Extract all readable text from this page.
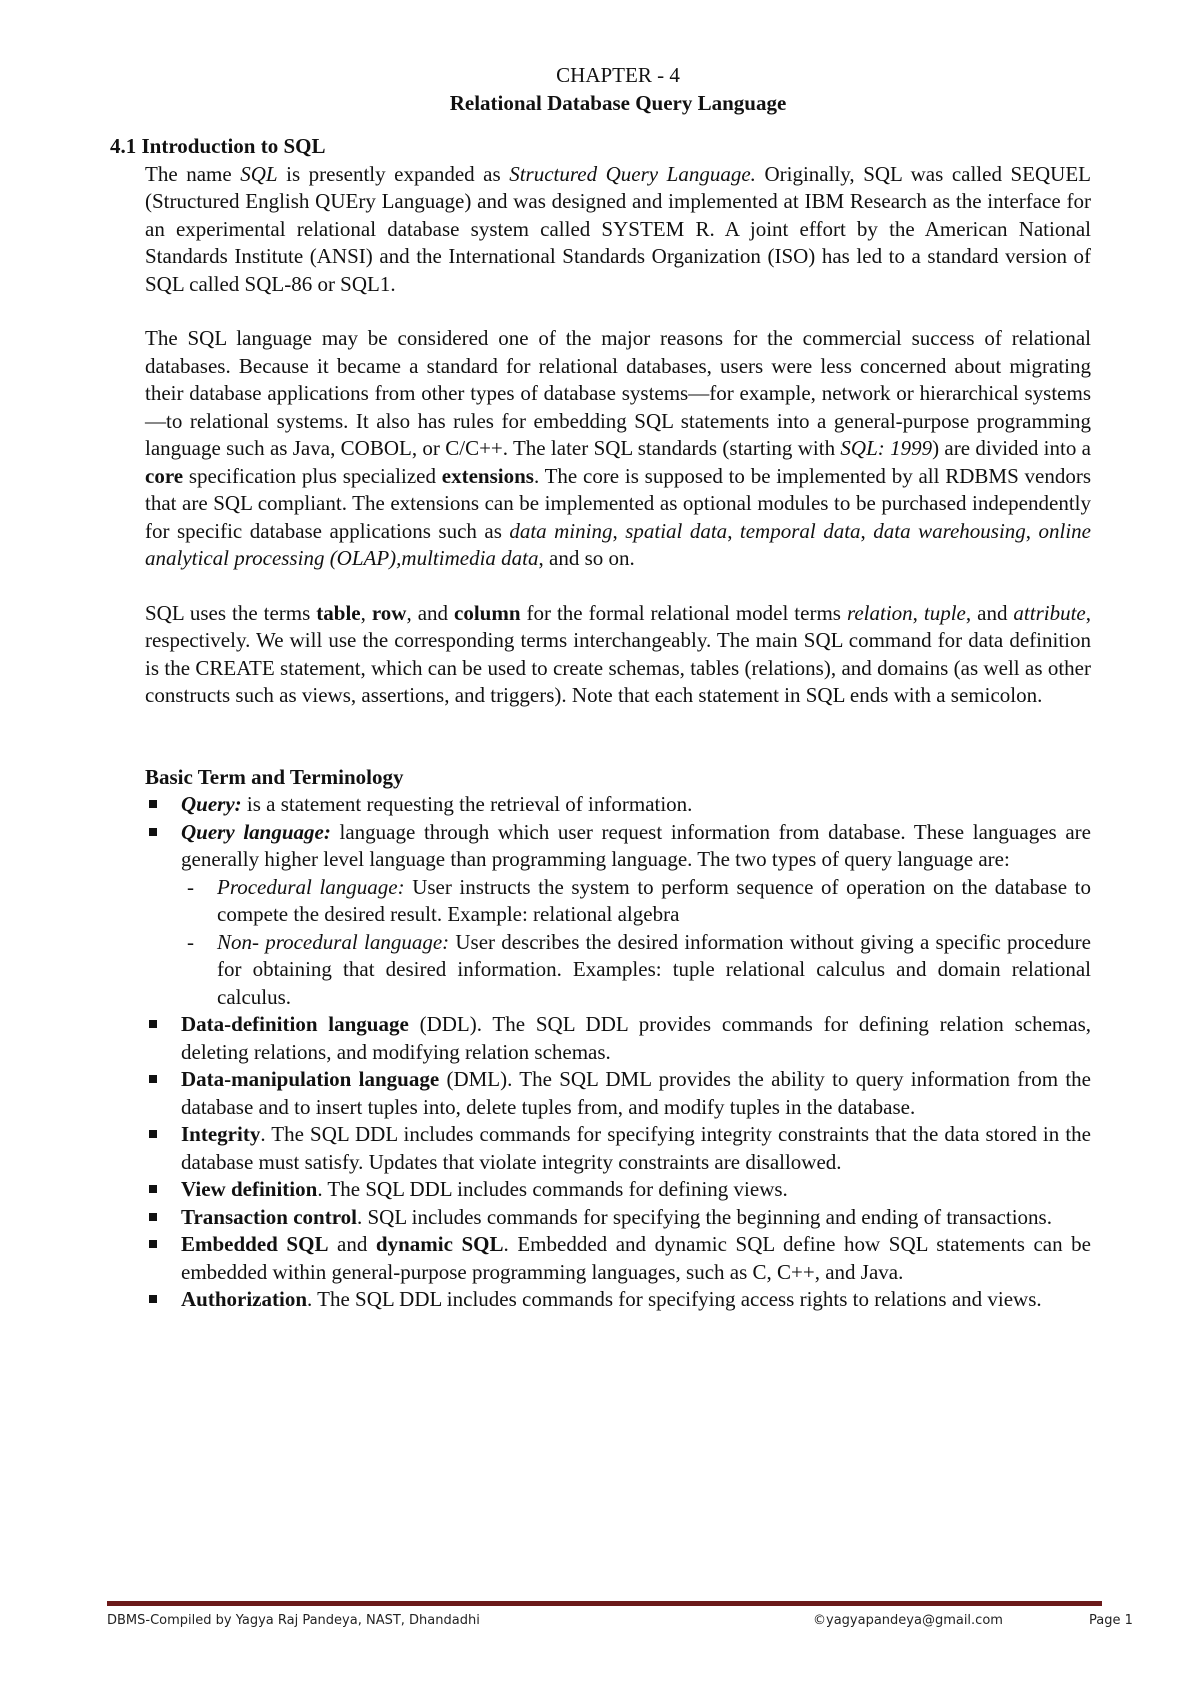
CHAPTER - 4

Relational Database Query Language

4.1 Introduction to SQL

The name SQL is presently expanded as Structured Query Language. Originally, SQL was called SEQUEL (Structured English QUEry Language) and was designed and implemented at IBM Research as the interface for an experimental relational database system called SYSTEM R. A joint effort by the American National Standards Institute (ANSI) and the International Standards Organization (ISO) has led to a standard version of SQL called SQL-86 or SQL1.

The SQL language may be considered one of the major reasons for the commercial success of relational databases. Because it became a standard for relational databases, users were less concerned about migrating their database applications from other types of database systems—for example, network or hierarchical systems—to relational systems. It also has rules for embedding SQL statements into a general-purpose programming language such as Java, COBOL, or C/C++. The later SQL standards (starting with SQL: 1999) are divided into a core specification plus specialized extensions. The core is supposed to be implemented by all RDBMS vendors that are SQL compliant. The extensions can be implemented as optional modules to be purchased independently for specific database applications such as data mining, spatial data, temporal data, data warehousing, online analytical processing (OLAP),multimedia data, and so on.

SQL uses the terms table, row, and column for the formal relational model terms relation, tuple, and attribute, respectively. We will use the corresponding terms interchangeably. The main SQL command for data definition is the CREATE statement, which can be used to create schemas, tables (relations), and domains (as well as other constructs such as views, assertions, and triggers). Note that each statement in SQL ends with a semicolon.

Basic Term and Terminology
Query: is a statement requesting the retrieval of information.
Query language: language through which user request information from database. These languages are generally higher level language than programming language. The two types of query language are:
- Procedural language: User instructs the system to perform sequence of operation on the database to compete the desired result. Example: relational algebra
- Non- procedural language: User describes the desired information without giving a specific procedure for obtaining that desired information. Examples: tuple relational calculus and domain relational calculus.
Data-definition language (DDL). The SQL DDL provides commands for defining relation schemas, deleting relations, and modifying relation schemas.
Data-manipulation language (DML). The SQL DML provides the ability to query information from the database and to insert tuples into, delete tuples from, and modify tuples in the database.
Integrity. The SQL DDL includes commands for specifying integrity constraints that the data stored in the database must satisfy. Updates that violate integrity constraints are disallowed.
View definition. The SQL DDL includes commands for defining views.
Transaction control. SQL includes commands for specifying the beginning and ending of transactions.
Embedded SQL and dynamic SQL. Embedded and dynamic SQL define how SQL statements can be embedded within general-purpose programming languages, such as C, C++, and Java.
Authorization. The SQL DDL includes commands for specifying access rights to relations and views.
DBMS-Compiled by Yagya Raj Pandeya, NAST, Dhandadhi	©yagyapandeya@gmail.com	Page 1
